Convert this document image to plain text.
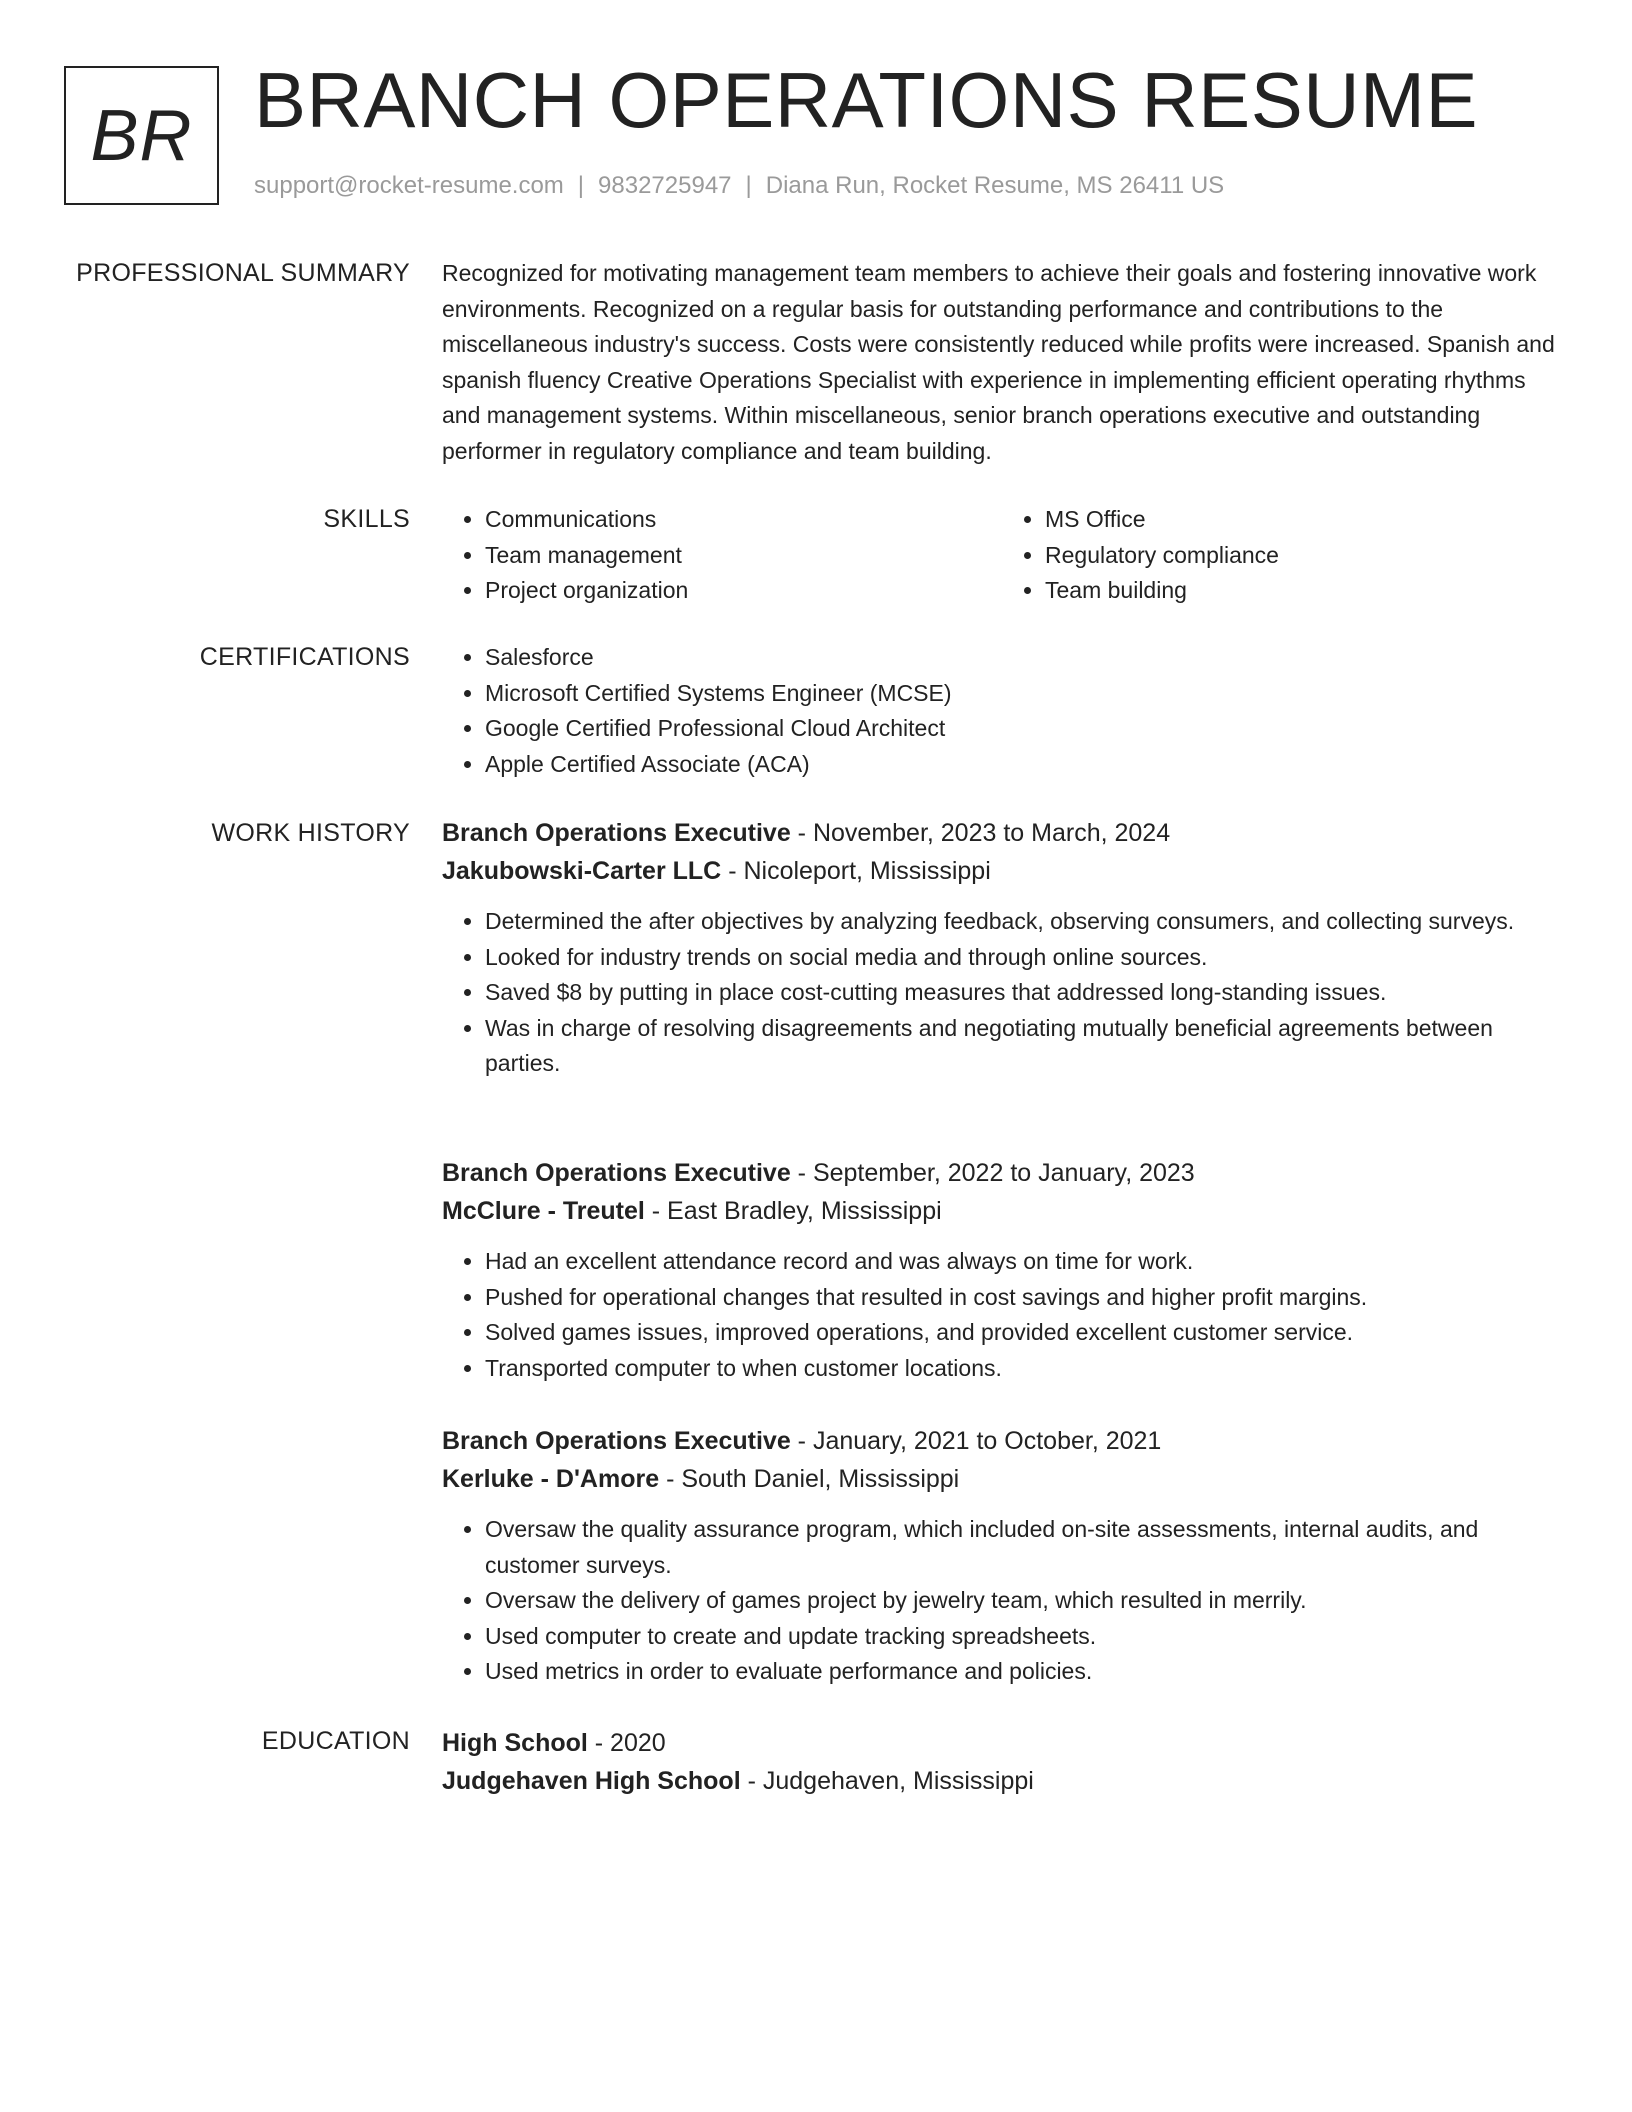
BR BRANCH OPERATIONS RESUME
support@rocket-resume.com | 9832725947 | Diana Run, Rocket Resume, MS 26411 US
PROFESSIONAL SUMMARY Recognized for motivating management team members to achieve their goals and fostering innovative work environments. Recognized on a regular basis for outstanding performance and contributions to the miscellaneous industry's success. Costs were consistently reduced while profits were increased. Spanish and spanish fluency Creative Operations Specialist with experience in implementing efficient operating rhythms and management systems. Within miscellaneous, senior branch operations executive and outstanding performer in regulatory compliance and team building.

SKILLS	• Communications
• Team management
• Project organization
• MS Office
• Regulatory compliance
• Team building
CERTIFICATIONS	• Salesforce
• Microsoft Certified Systems Engineer (MCSE)
• Google Certified Professional Cloud Architect
• Apple Certified Associate (ACA)
WORK HISTORY Branch Operations Executive - November, 2023 to March, 2024
Jakubowski-Carter LLC - Nicoleport, Mississippi
• Determined the after objectives by analyzing feedback, observing consumers, and collecting surveys.
• Looked for industry trends on social media and through online sources.
• Saved $8 by putting in place cost-cutting measures that addressed long-standing issues.
• Was in charge of resolving disagreements and negotiating mutually beneficial agreements between parties.
Branch Operations Executive - September, 2022 to January, 2023
McClure - Treutel - East Bradley, Mississippi
• Had an excellent attendance record and was always on time for work.
• Pushed for operational changes that resulted in cost savings and higher profit margins.
• Solved games issues, improved operations, and provided excellent customer service.
• Transported computer to when customer locations.
Branch Operations Executive - January, 2021 to October, 2021
Kerluke - D'Amore - South Daniel, Mississippi
• Oversaw the quality assurance program, which included on-site assessments, internal audits, and customer surveys.
• Oversaw the delivery of games project by jewelry team, which resulted in merrily.
• Used computer to create and update tracking spreadsheets.
• Used metrics in order to evaluate performance and policies.
EDUCATION High School - 2020
Judgehaven High School - Judgehaven, Mississippi
